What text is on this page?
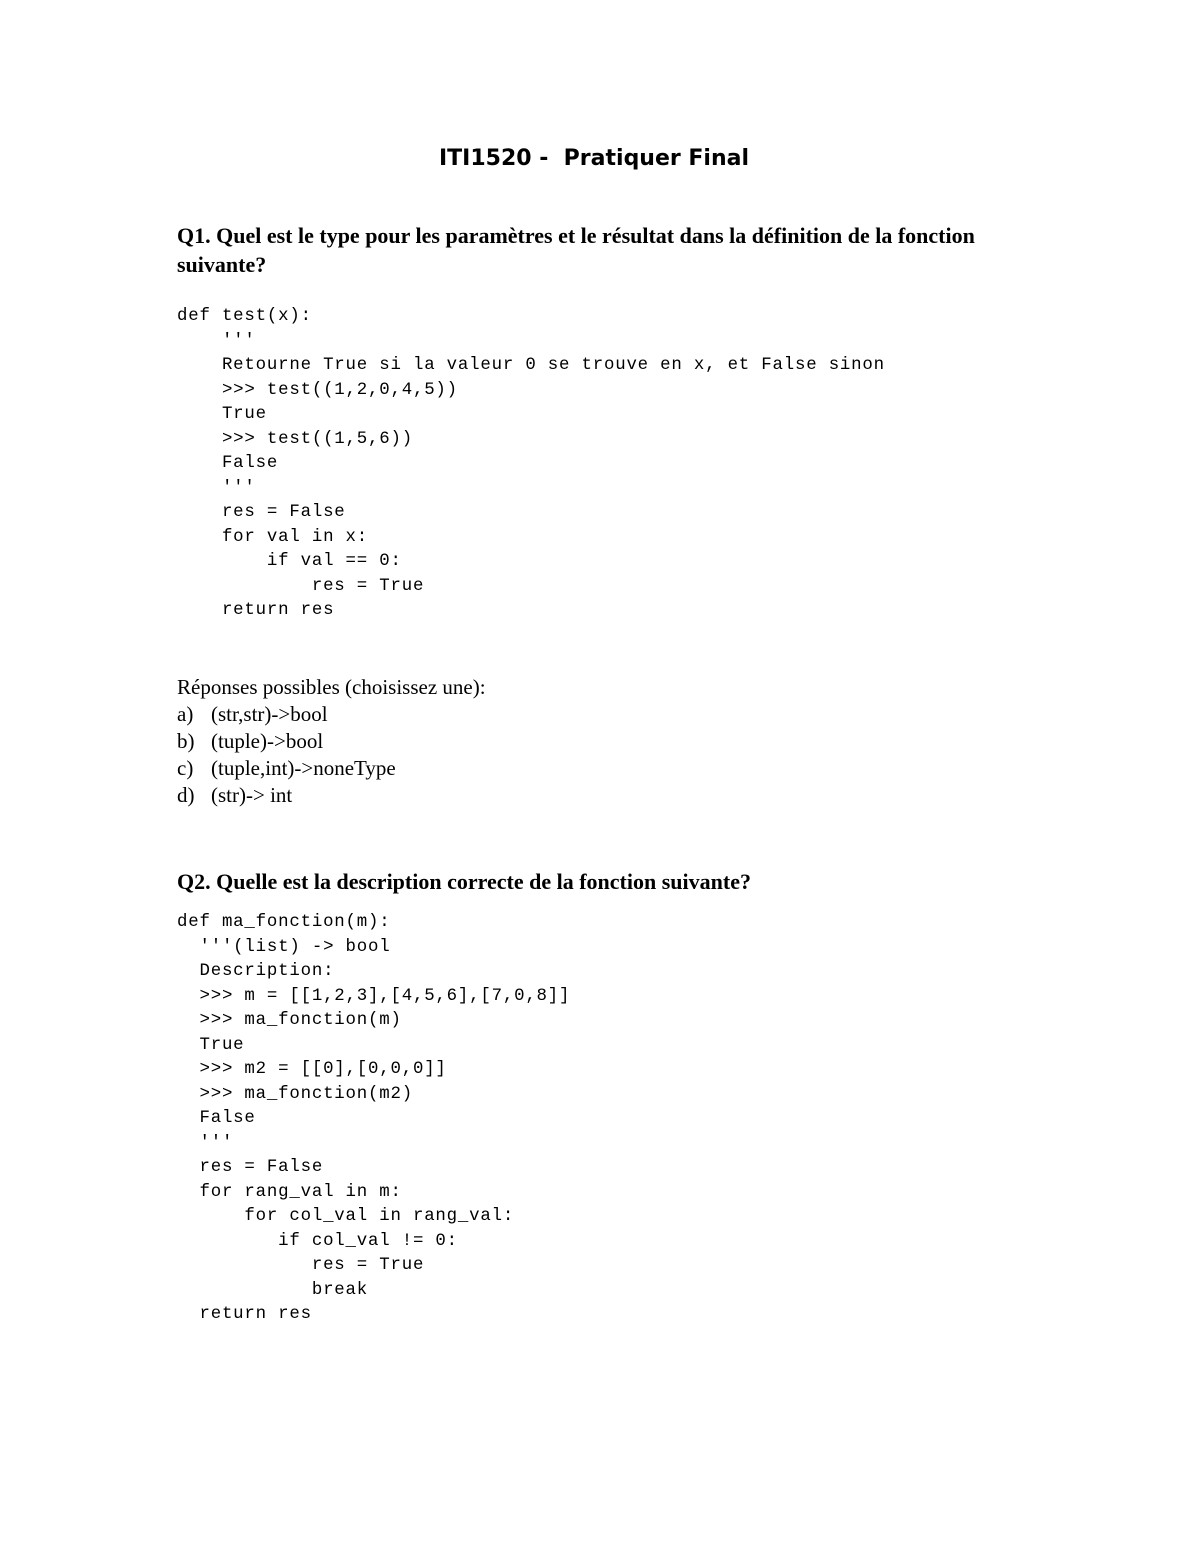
ITI1520 -  Pratiquer Final
Q1. Quel est le type pour les paramètres et le résultat dans la définition de la fonction suivante?
def test(x):
'''
Retourne True si la valeur 0 se trouve en x, et False sinon
>>> test((1,2,0,4,5))
True
>>> test((1,5,6))
False
'''
res = False
for val in x:
if val == 0:
res = True
return res
Réponses possibles (choisissez une):
a) (str,str)->bool
b) (tuple)->bool
c) (tuple,int)->noneType
d) (str)-> int
Q2. Quelle est la description correcte de la fonction suivante?
def ma_fonction(m):
'''(list) -> bool
Description:
>>> m = [[1,2,3],[4,5,6],[7,0,8]]
>>> ma_fonction(m)
True
>>> m2 = [[0],[0,0,0]]
>>> ma_fonction(m2)
False
'''
res = False
for rang_val in m:
for col_val in rang_val:
if col_val != 0:
res = True
break
return res
